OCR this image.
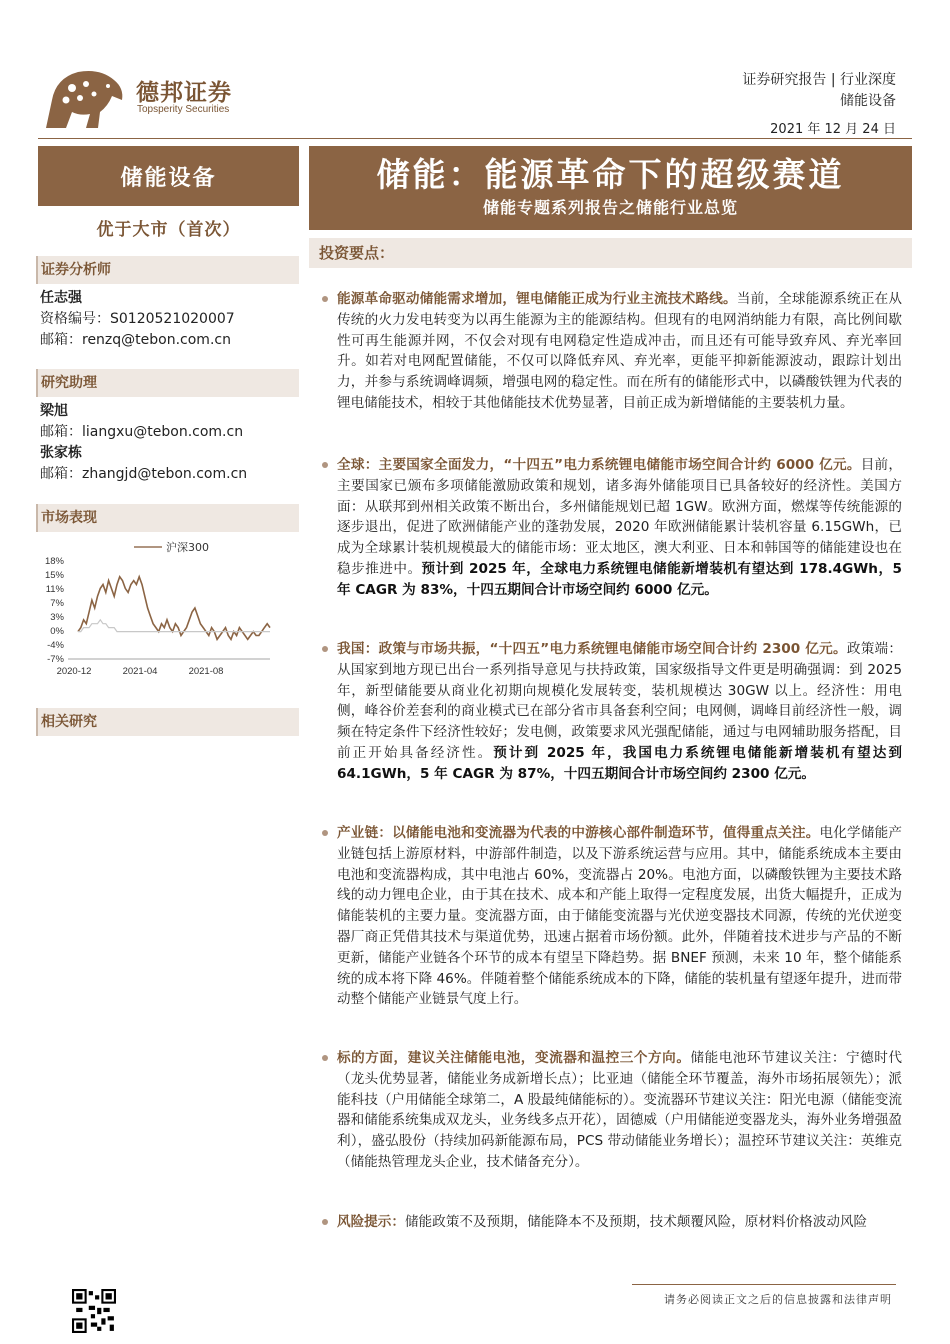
德邦证券
Topsperity Securities
证券研究报告 | 行业深度
储能设备
2021 年 12 月 24 日
储能设备
优于大市（首次）
证券分析师
任志强
资格编号：S0120521020007
邮箱：renzq@tebon.com.cn
研究助理
梁旭
邮箱：liangxu@tebon.com.cn
张家栋
邮箱：zhangjd@tebon.com.cn
市场表现
18%
15%
11%
7%
3%
0%
-4%
-7%
2020-12	2021-04	2021-08
沪深300
相关研究
储能：能源革命下的超级赛道
储能专题系列报告之储能行业总览
投资要点：
能源革命驱动储能需求增加，锂电储能正成为行业主流技术路线。当前，全球能源系统正在从传统的火力发电转变为以再生能源为主的能源结构。但现有的电网消纳能力有限，高比例间歇性可再生能源并网，不仅会对现有电网稳定性造成冲击，而且还有可能导致弃风、弃光率回升。如若对电网配置储能，不仅可以降低弃风、弃光率，更能平抑新能源波动，跟踪计划出力，并参与系统调峰调频，增强电网的稳定性。而在所有的储能形式中，以磷酸铁锂为代表的锂电储能技术，相较于其他储能技术优势显著，目前正成为新增储能的主要装机力量。
全球：主要国家全面发力，“十四五”电力系统锂电储能市场空间合计约 6000 亿元。目前，主要国家已颁布多项储能激励政策和规划，诸多海外储能项目已具备较好的经济性。美国方面：从联邦到州相关政策不断出台，多州储能规划已超 1GW。欧洲方面，燃煤等传统能源的逐步退出，促进了欧洲储能产业的蓬勃发展，2020 年欧洲储能累计装机容量 6.15GWh，已成为全球累计装机规模最大的储能市场：亚太地区，澳大利亚、日本和韩国等的储能建设也在稳步推进中。预计到 2025 年，全球电力系统锂电储能新增装机有望达到 178.4GWh，5 年 CAGR 为 83%，十四五期间合计市场空间约 6000 亿元。
我国：政策与市场共振，“十四五”电力系统锂电储能市场空间合计约 2300 亿元。政策端：从国家到地方现已出台一系列指导意见与扶持政策，国家级指导文件更是明确强调：到 2025 年，新型储能要从商业化初期向规模化发展转变，装机规模达 30GW 以上。经济性：用电侧，峰谷价差套利的商业模式已在部分省市具备套利空间；电网侧，调峰目前经济性一般，调频在特定条件下经济性较好；发电侧，政策要求风光强配储能，通过与电网辅助服务搭配，目前正开始具备经济性。预计到 2025 年，我国电力系统锂电储能新增装机有望达到 64.1GWh，5 年 CAGR 为 87%，十四五期间合计市场空间约 2300 亿元。
产业链：以储能电池和变流器为代表的中游核心部件制造环节，值得重点关注。电化学储能产业链包括上游原材料，中游部件制造，以及下游系统运营与应用。其中，储能系统成本主要由电池和变流器构成，其中电池占 60%，变流器占 20%。电池方面，以磷酸铁锂为主要技术路线的动力锂电企业，由于其在技术、成本和产能上取得一定程度发展，出货大幅提升，正成为储能装机的主要力量。变流器方面，由于储能变流器与光伏逆变器技术同源，传统的光伏逆变器厂商正凭借其技术与渠道优势，迅速占据着市场份额。此外，伴随着技术进步与产品的不断更新，储能产业链各个环节的成本有望呈下降趋势。据 BNEF 预测，未来 10 年，整个储能系统的成本将下降 46%。伴随着整个储能系统成本的下降，储能的装机量有望逐年提升，进而带动整个储能产业链景气度上行。
标的方面，建议关注储能电池，变流器和温控三个方向。储能电池环节建议关注：宁德时代（龙头优势显著，储能业务成新增长点）；比亚迪（储能全环节覆盖，海外市场拓展领先）；派能科技（户用储能全球第二，A 股最纯储能标的）。变流器环节建议关注：阳光电源（储能变流器和储能系统集成双龙头，业务线多点开花），固德威（户用储能逆变器龙头，海外业务增强盈利），盛弘股份（持续加码新能源布局，PCS 带动储能业务增长）；温控环节建议关注：英维克（储能热管理龙头企业，技术储备充分）。
风险提示：储能政策不及预期，储能降本不及预期，技术颠覆风险，原材料价格波动风险
请务必阅读正文之后的信息披露和法律声明
